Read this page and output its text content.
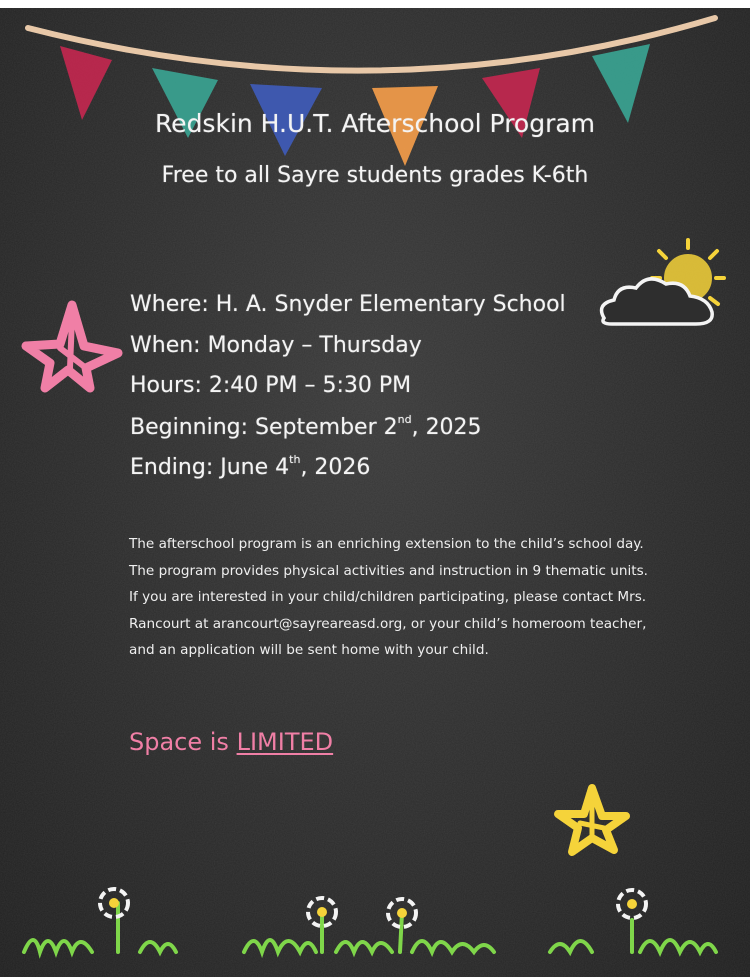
Redskin H.U.T. Afterschool Program
Free to all Sayre students grades K-6th
Where: H. A. Snyder Elementary School
When: Monday – Thursday
Hours: 2:40 PM – 5:30 PM
Beginning: September 2nd, 2025
Ending: June 4th, 2026

The afterschool program is an enriching extension to the child’s school day. The program provides physical activities and instruction in 9 thematic units.

If you are interested in your child/children participating, please contact Mrs. Rancourt at arancourt@sayreareasd.org, or your child’s homeroom teacher, and an application will be sent home with your child.

Space is LIMITED
